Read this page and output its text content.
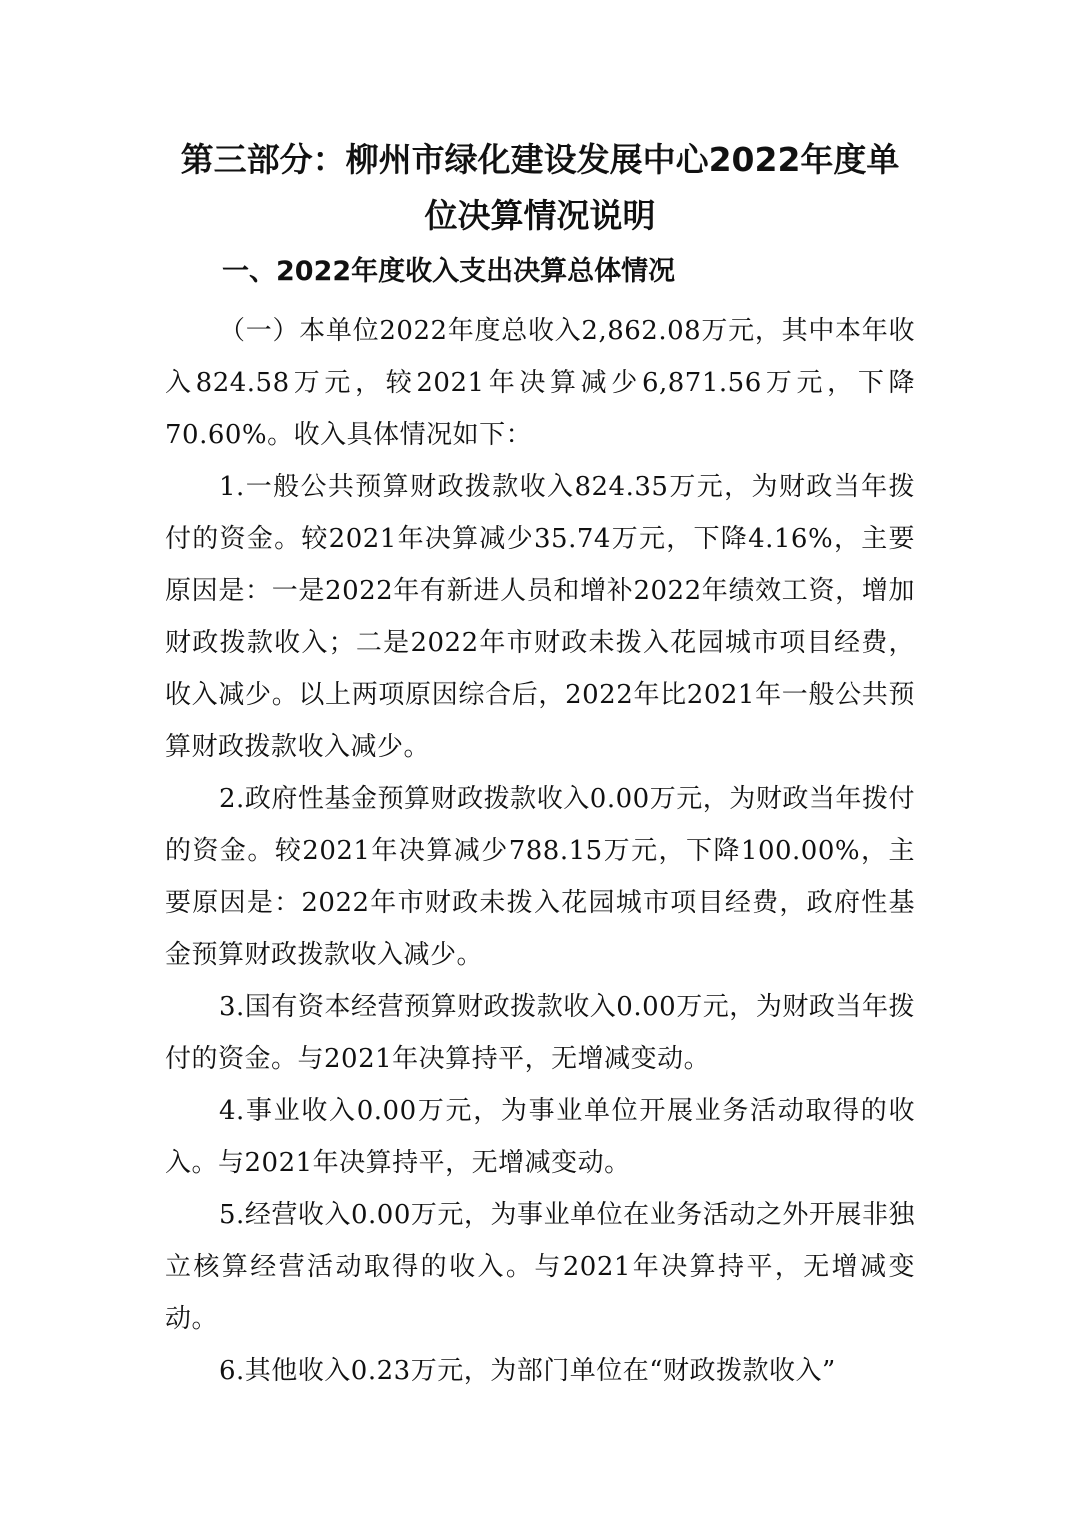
第三部分：柳州市绿化建设发展中心2022年度单位决算情况说明
一、2022年度收入支出决算总体情况

（一）本单位2022年度总收入2,862.08万元，其中本年收入824.58万元，较2021年决算减少6,871.56万元，下降70.60%。收入具体情况如下：

1.一般公共预算财政拨款收入824.35万元，为财政当年拨付的资金。较2021年决算减少35.74万元，下降4.16%，主要原因是：一是2022年有新进人员和增补2022年绩效工资，增加财政拨款收入；二是2022年市财政未拨入花园城市项目经费，收入减少。以上两项原因综合后，2022年比2021年一般公共预算财政拨款收入减少。

2.政府性基金预算财政拨款收入0.00万元，为财政当年拨付的资金。较2021年决算减少788.15万元，下降100.00%，主要原因是：2022年市财政未拨入花园城市项目经费，政府性基金预算财政拨款收入减少。

3.国有资本经营预算财政拨款收入0.00万元，为财政当年拨付的资金。与2021年决算持平，无增减变动。

4.事业收入0.00万元，为事业单位开展业务活动取得的收入。与2021年决算持平，无增减变动。

5.经营收入0.00万元，为事业单位在业务活动之外开展非独立核算经营活动取得的收入。与2021年决算持平，无增减变动。

6.其他收入0.23万元，为部门单位在“财政拨款收入”
